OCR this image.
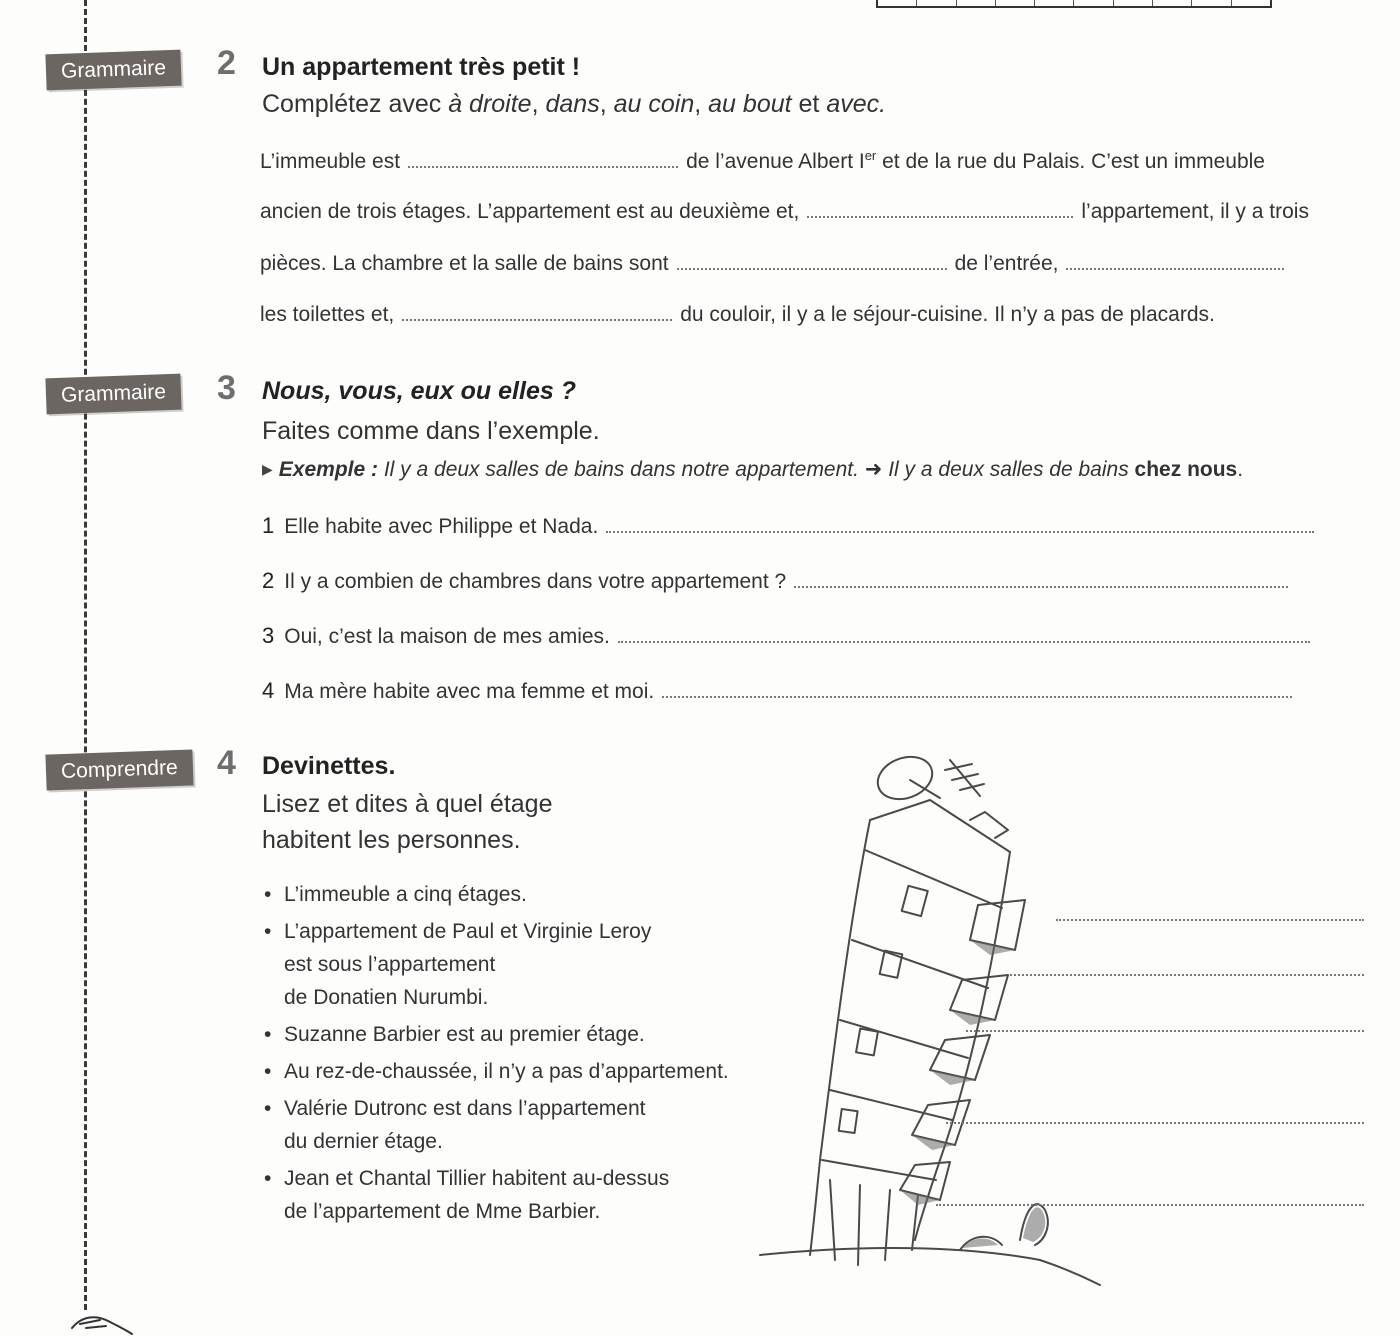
Grammaire	2 Un appartement très petit !
Complétez avec à droite, dans, au coin, au bout et avec.
L’immeuble est	de l’avenue Albert Ier et de la rue du Palais. C’est un immeuble
ancien de trois étages. L’appartement est au deuxième et,	l’appartement, il y a trois
pièces. La chambre et la salle de bains sont	de l’entrée,
les toilettes et,	du couloir, il y a le séjour-cuisine. Il n’y a pas de placards.
Grammaire	3 Nous, vous, eux ou elles ?
Faites comme dans l’exemple.
▶ Exemple : Il y a deux salles de bains dans notre appartement. ➜ Il y a deux salles de bains chez nous.
1 Elle habite avec Philippe et Nada.
2 Il y a combien de chambres dans votre appartement ?
3 Oui, c’est la maison de mes amies.
4 Ma mère habite avec ma femme et moi.
Comprendre	4 Devinettes.
Lisez et dites à quel étage
habitent les personnes.
• L’immeuble a cinq étages.
• L’appartement de Paul et Virginie Leroy
est sous l’appartement
de Donatien Nurumbi.
• Suzanne Barbier est au premier étage.
• Au rez-de-chaussée, il n’y a pas d’appartement.
• Valérie Dutronc est dans l’appartement
du dernier étage.
• Jean et Chantal Tillier habitent au-dessus
de l’appartement de Mme Barbier.
